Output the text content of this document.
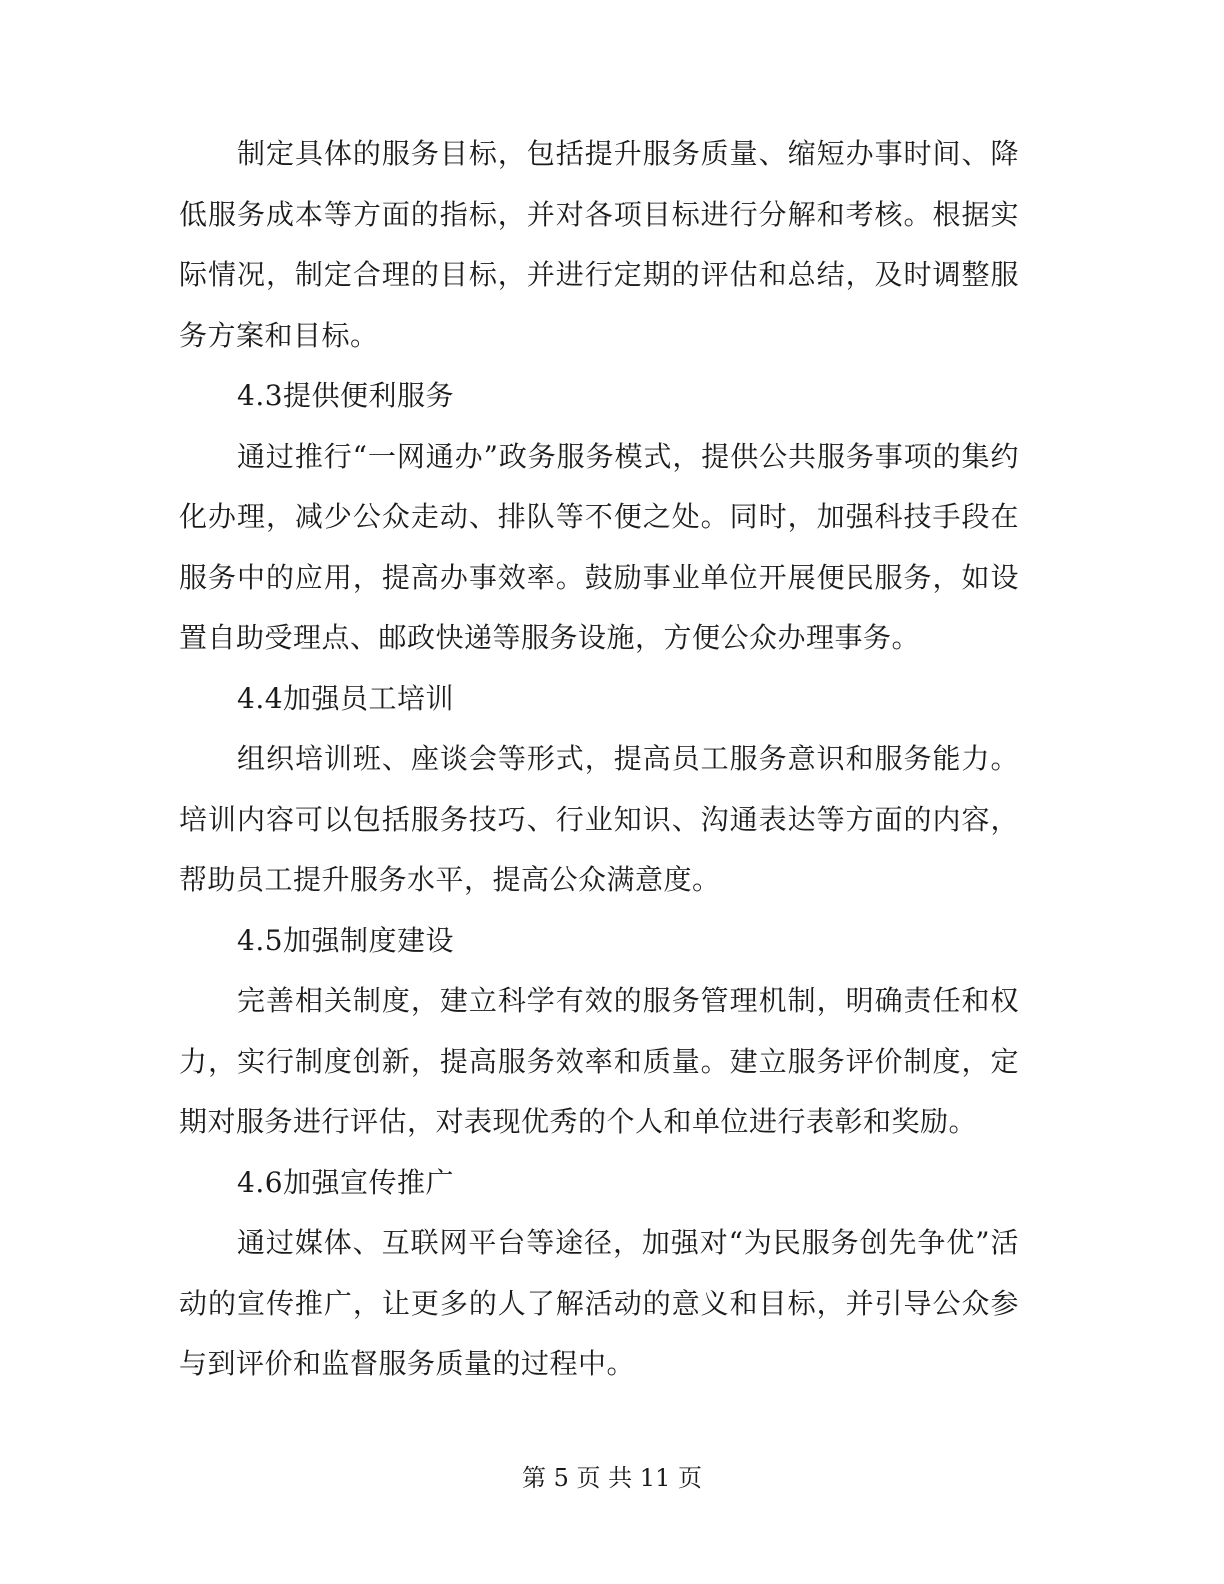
制定具体的服务目标，包括提升服务质量、缩短办事时间、降低服务成本等方面的指标，并对各项目标进行分解和考核。根据实际情况，制定合理的目标，并进行定期的评估和总结，及时调整服务方案和目标。

4.3提供便利服务

通过推行“一网通办”政务服务模式，提供公共服务事项的集约化办理，减少公众走动、排队等不便之处。同时，加强科技手段在服务中的应用，提高办事效率。鼓励事业单位开展便民服务，如设置自助受理点、邮政快递等服务设施，方便公众办理事务。

4.4加强员工培训

组织培训班、座谈会等形式，提高员工服务意识和服务能力。培训内容可以包括服务技巧、行业知识、沟通表达等方面的内容，帮助员工提升服务水平，提高公众满意度。

4.5加强制度建设

完善相关制度，建立科学有效的服务管理机制，明确责任和权力，实行制度创新，提高服务效率和质量。建立服务评价制度，定期对服务进行评估，对表现优秀的个人和单位进行表彰和奖励。

4.6加强宣传推广

通过媒体、互联网平台等途径，加强对“为民服务创先争优”活动的宣传推广，让更多的人了解活动的意义和目标，并引导公众参与到评价和监督服务质量的过程中。

第 5 页 共 11 页
